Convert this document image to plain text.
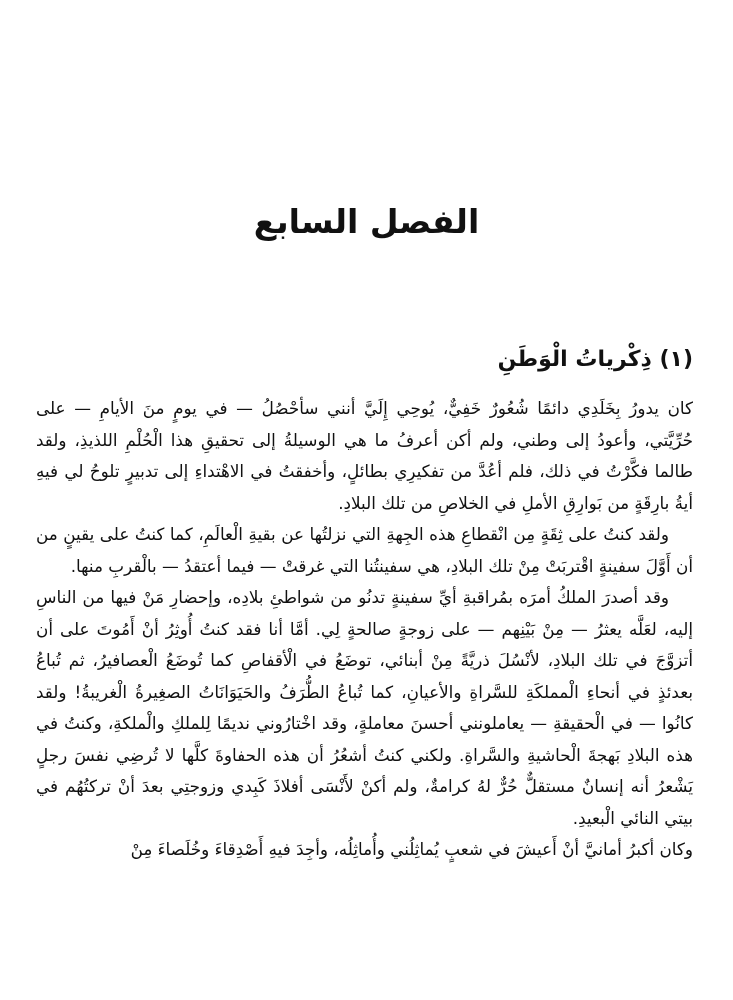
الفصل السابع
(١) ذِكْرياتُ الْوَطَنِ

كان يدورُ بِخَلَدِي دائمًا شُعُورٌ خَفِيٌّ، يُوحِي إِلَيَّ أنني سأحْصُلُ — في يومٍ منَ الأيامِ — على حُرِّيَّتي، وأعودُ إلى وطني، ولم أكن أعرفُ ما هي الوسيلةُ إلى تحقيقِ هذا الْحُلْمِ اللذيذِ، ولقد طالما فكَّرْتُ في ذلك، فلم أعُدَّ من تفكيرِي بطائلٍ، وأخفقتُ في الاهْتداءِ إلى تدبيرٍ تلوحُ لي فيهِ أيةُ بارِقَةٍ من بَوارِقِ الأملِ في الخلاصِ من تلك البلادِ.

ولقد كنتُ على ثِقَةٍ مِن انْقطاعِ هذه الجِهةِ التي نزلتُها عن بقيةِ الْعالَمِ، كما كنتُ على يقينٍ من أن أَوَّلَ سفينةٍ اقْتربَتْ مِنْ تلك البلادِ، هي سفينتُنا التي غرقتْ — فيما أعتقدُ — بالْقربِ منها.

وقد أصدرَ الملكُ أمرَه بمُراقبةِ أيِّ سفينةٍ تدنُو من شواطئِ بلادِه، وإحضارِ مَنْ فيها من الناسِ إليه، لعَلَّه يعثرُ — مِنْ بَيْنِهم — على زوجةٍ صالحةٍ لِي. أمَّا أنا فقد كنتُ أُوثِرُ أنْ أَمُوتَ على أن أتزوَّجَ في تلك البلادِ، لأنْسُلَ ذريَّةً مِنْ أبنائي، توضَعُ في الْأقفاصِ كما تُوضَعُ الْعصافيرُ، ثم تُباعُ بعدئذٍ في أنحاءِ الْمملكَةِ للسَّراةِ والأعيانِ، كما تُباعُ الطُّرَفُ والحَيَوَانَاتُ الصغِيرةُ الْغريبةُ! ولقد كانُوا — في الْحقيقةِ — يعاملونني أحسنَ معاملةٍ، وقد اخْتارُوني نديمًا لِلملكِ والْملكةِ، وكنتُ في هذه البلادِ بَهجةَ الْحاشيةِ والسَّراةِ. ولكني كنتُ أشعُرُ أن هذه الحفاوةَ كلَّها لا تُرضِي نفسَ رجلٍ يَشْعرُ أنه إنسانٌ مستقلٌّ حُرٌّ لهُ كرامةٌ، ولم أكنْ لأَنْسَى أفلاذَ كَبِدي وزوجتِي بعدَ أنْ تركتُهُم في بيتي النائي الْبعيدِ.

وكان أكبرُ أمانيَّ أنْ أَعيشَ في شعبٍ يُماثِلُني وأُماثِلُه، وأجِدَ فيهِ أَصْدِقاءَ وخُلَصاءَ مِنْ
